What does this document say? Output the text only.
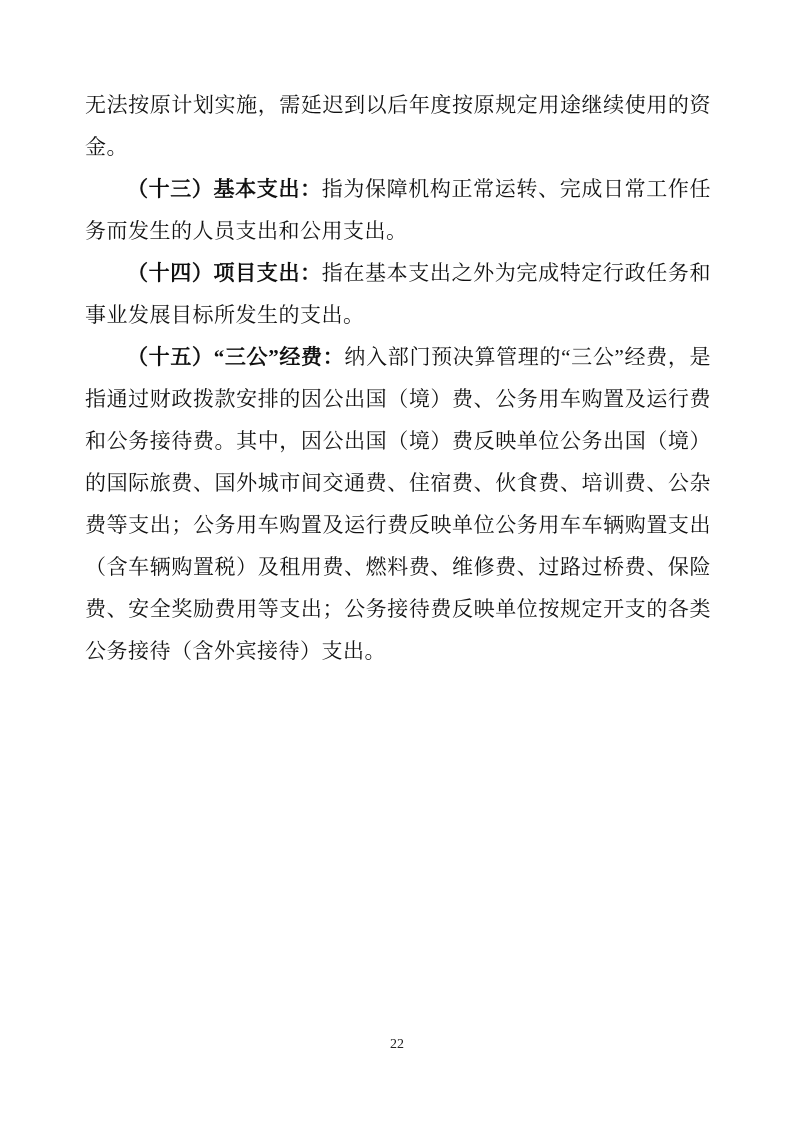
无法按原计划实施，需延迟到以后年度按原规定用途继续使用的资金。

（十三）基本支出：指为保障机构正常运转、完成日常工作任务而发生的人员支出和公用支出。

（十四）项目支出：指在基本支出之外为完成特定行政任务和事业发展目标所发生的支出。

（十五）“三公”经费：纳入部门预决算管理的“三公”经费，是指通过财政拨款安排的因公出国（境）费、公务用车购置及运行费和公务接待费。其中，因公出国（境）费反映单位公务出国（境）的国际旅费、国外城市间交通费、住宿费、伙食费、培训费、公杂费等支出；公务用车购置及运行费反映单位公务用车车辆购置支出（含车辆购置税）及租用费、燃料费、维修费、过路过桥费、保险费、安全奖励费用等支出；公务接待费反映单位按规定开支的各类公务接待（含外宾接待）支出。

22
